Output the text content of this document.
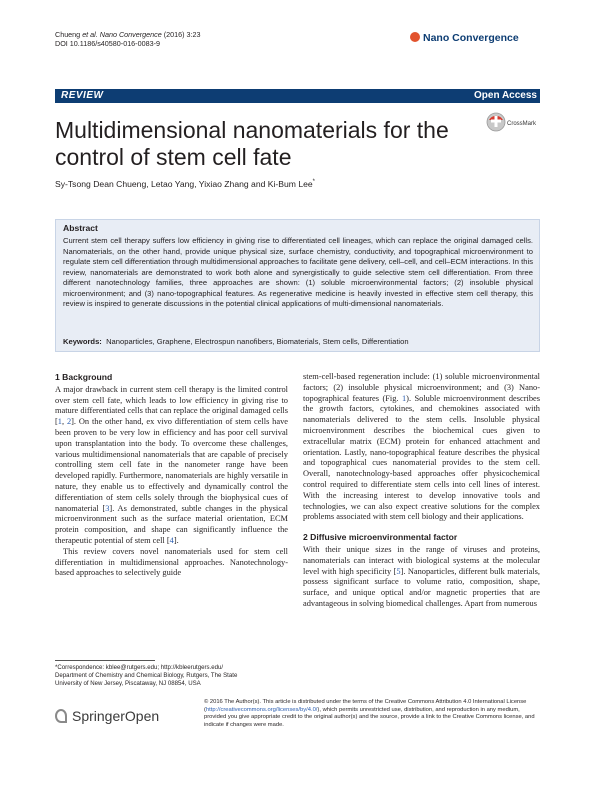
Chueng et al. Nano Convergence (2016) 3:23
DOI 10.1186/s40580-016-0083-9	Nano Convergence
REVIEW	Open Access
Multidimensional nanomaterials for the control of stem cell fate
CrossMark
Sy-Tsong Dean Chueng, Letao Yang, Yixiao Zhang and Ki-Bum Lee*
Abstract
Current stem cell therapy suffers low efficiency in giving rise to differentiated cell lineages, which can replace the original damaged cells. Nanomaterials, on the other hand, provide unique physical size, surface chemistry, conductivity, and topographical microenvironment to regulate stem cell differentiation through multidimensional approaches to facilitate gene delivery, cell–cell, and cell–ECM interactions. In this review, nanomaterials are demonstrated to work both alone and synergistically to guide selective stem cell differentiation. From three different nanotechnology families, three approaches are shown: (1) soluble microenvironmental factors; (2) insoluble physical microenvironment; and (3) nano-topographical features. As regenerative medicine is heavily invested in effective stem cell therapy, this review is inspired to generate discussions in the potential clinical applications of multi-dimensional nanomaterials.
Keywords: Nanoparticles, Graphene, Electrospun nanofibers, Biomaterials, Stem cells, Differentiation
1 Background

A major drawback in current stem cell therapy is the limited control over stem cell fate, which leads to low efficiency in giving rise to mature differentiated cells that can replace the original damaged cells [1, 2]. On the other hand, ex vivo differentiation of stem cells have been proven to be very low in efficiency and has poor cell survival upon transplantation into the body. To overcome these challenges, various multidimensional nanomaterials that are capable of precisely controlling stem cell fate in the nanometer range have been developed rapidly. Furthermore, nanomaterials are highly versatile in nature, they enable us to effectively and dynamically control the differentiation of stem cells solely through the biophysical cues of nanomaterial [3]. As demonstrated, subtle changes in the physical microenvironment such as the surface material orientation, ECM protein composition, and shape can significantly influence the therapeutic potential of stem cell [4].

This review covers novel nanomaterials used for stem cell differentiation in multidimensional approaches. Nanotechnology-based approaches to selectively guide

stem-cell-based regeneration include: (1) soluble microenvironmental factors; (2) insoluble physical microenvironment; and (3) Nano-topographical features (Fig. 1). Soluble microenvironment describes the growth factors, cytokines, and chemokines associated with nanomaterials delivered to the stem cells. Insoluble physical microenvironment describes the biochemical cues given to extracellular matrix (ECM) protein for enhanced attachment and orientation. Lastly, nano-topographical feature describes the physical and topographical cues nanomaterial provides to the stem cell. Overall, nanotechnology-based approaches offer physicochemical control required to differentiate stem cells into cell lines of interest. With the increasing interest to develop innovative tools and technologies, we can also expect creative solutions for the complex problems associated with stem cell biology and their applications.

2 Diffusive microenvironmental factor

With their unique sizes in the range of viruses and proteins, nanomaterials can interact with biological systems at the molecular level with high specificity [5]. Nanoparticles, different bulk materials, possess significant surface to volume ratio, composition, shape, surface, and unique optical and/or magnetic properties that are advantageous in solving biomedical challenges. Apart from numerous

*Correspondence: kblee@rutgers.edu; http://kbleerutgers.edu/
Department of Chemistry and Chemical Biology, Rutgers, The State
University of New Jersey, Piscataway, NJ 08854, USA
SpringerOpen
© 2016 The Author(s). This article is distributed under the terms of the Creative Commons Attribution 4.0 International License (http://creativecommons.org/licenses/by/4.0/), which permits unrestricted use, distribution, and reproduction in any medium, provided you give appropriate credit to the original author(s) and the source, provide a link to the Creative Commons license, and indicate if changes were made.
